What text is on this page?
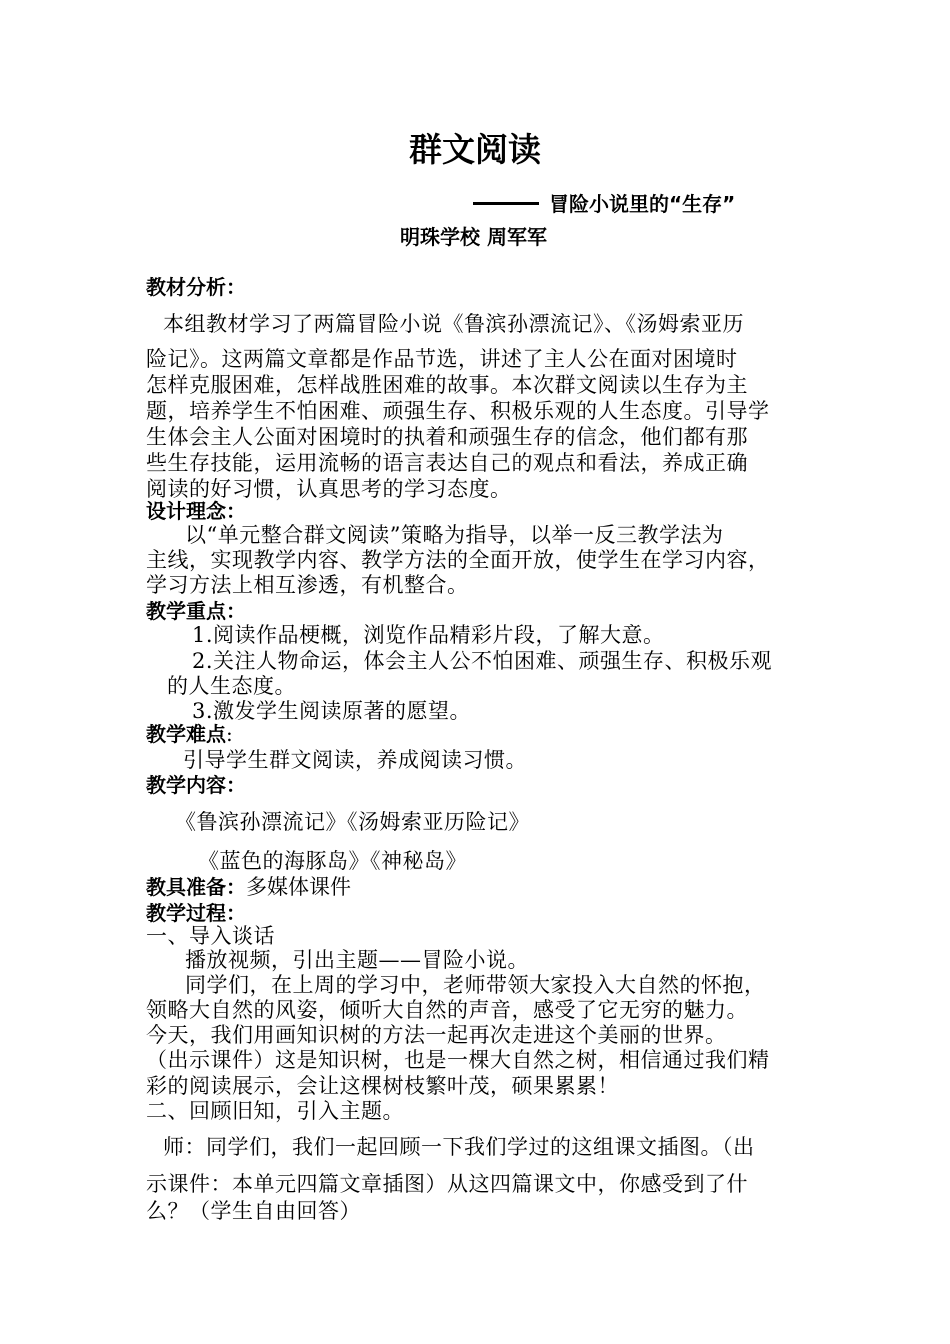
群文阅读
冒险小说里的“生存”
明珠学校 周军军
教材分析：
本组教材学习了两篇冒险小说《鲁滨孙漂流记》、《汤姆索亚历
险记》。这两篇文章都是作品节选，讲述了主人公在面对困境时
怎样克服困难，怎样战胜困难的故事。本次群文阅读以生存为主
题，培养学生不怕困难、顽强生存、积极乐观的人生态度。引导学
生体会主人公面对困境时的执着和顽强生存的信念，他们都有那
些生存技能，运用流畅的语言表达自己的观点和看法，养成正确
阅读的好习惯，认真思考的学习态度。
设计理念：
以“单元整合群文阅读”策略为指导，以举一反三教学法为
主线，实现教学内容、教学方法的全面开放，使学生在学习内容，
学习方法上相互渗透，有机整合。
教学重点：
1.阅读作品梗概，浏览作品精彩片段，了解大意。
2.关注人物命运，体会主人公不怕困难、顽强生存、积极乐观
的人生态度。
3.激发学生阅读原著的愿望。
教学难点:
引导学生群文阅读，养成阅读习惯。
教学内容：
《鲁滨孙漂流记》《汤姆索亚历险记》
《蓝色的海豚岛》《神秘岛》
教具准备：多媒体课件
教学过程：
一、导入谈话
播放视频，引出主题——冒险小说。
同学们，在上周的学习中，老师带领大家投入大自然的怀抱，
领略大自然的风姿，倾听大自然的声音，感受了它无穷的魅力。
今天，我们用画知识树的方法一起再次走进这个美丽的世界。
（出示课件）这是知识树，也是一棵大自然之树，相信通过我们精
彩的阅读展示，会让这棵树枝繁叶茂，硕果累累！
二、回顾旧知，引入主题。
师：同学们，我们一起回顾一下我们学过的这组课文插图。（出
示课件：本单元四篇文章插图）从这四篇课文中，你感受到了什
么？（学生自由回答）
